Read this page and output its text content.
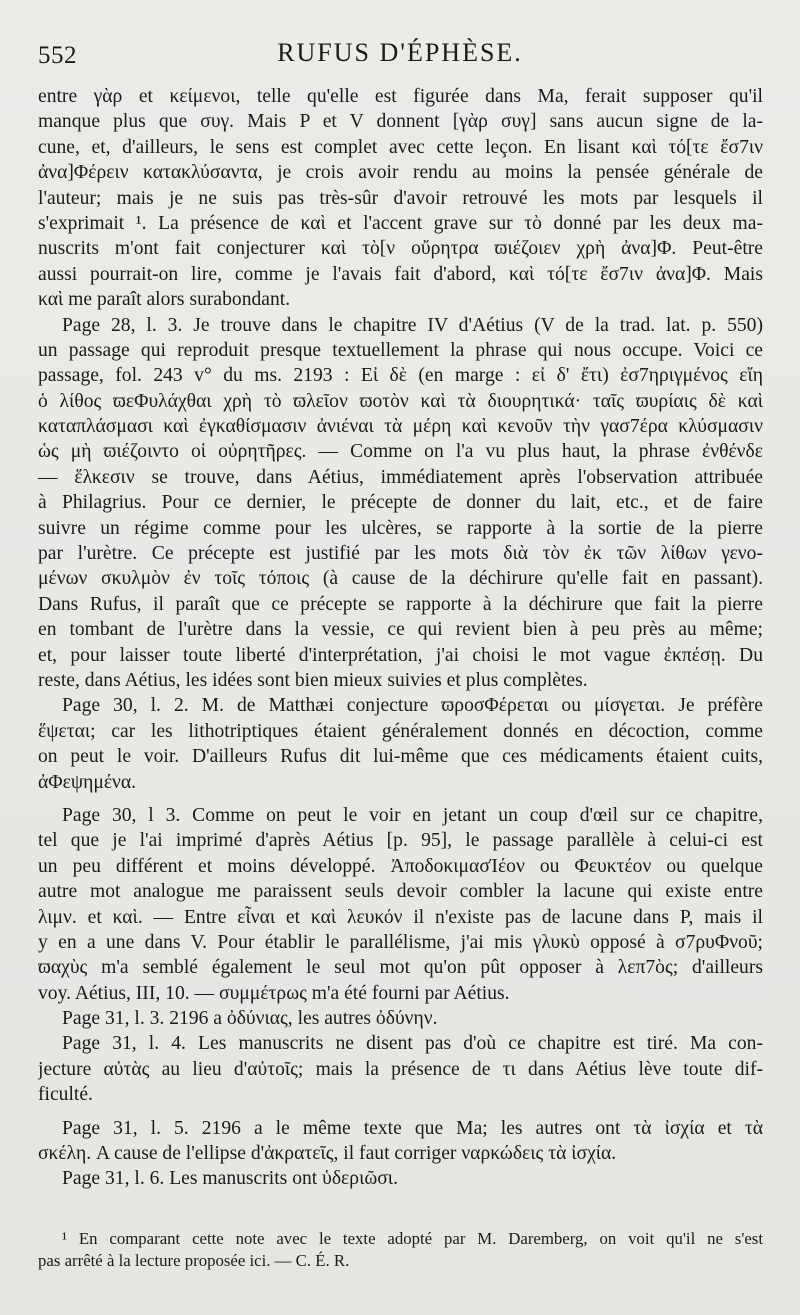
552	RUFUS D'ÉPHÈSE.
entre γὰρ et κείμενοι, telle qu'elle est figurée dans Ma, ferait supposer qu'il
manque plus que συγ. Mais P et V donnent [γὰρ συγ] sans aucun signe de la-
cune, et, d'ailleurs, le sens est complet avec cette leçon. En lisant καὶ τό[τε ἔσ7ιν
ἀνα]Φέρειν κατακλύσαντα, je crois avoir rendu au moins la pensée générale de
l'auteur; mais je ne suis pas très-sûr d'avoir retrouvé les mots par lesquels il
s'exprimait ¹. La présence de καὶ et l'accent grave sur τὸ donné par les deux ma-
nuscrits m'ont fait conjecturer καὶ τὸ[ν οὔρητρα ϖιέζοιεν χρὴ ἀνα]Φ. Peut-être
aussi pourrait-on lire, comme je l'avais fait d'abord, καὶ τό[τε ἔσ7ιν ἀνα]Φ. Mais
καὶ me paraît alors surabondant.
Page 28, l. 3. Je trouve dans le chapitre IV d'Aétius (V de la trad. lat. p. 550)
un passage qui reproduit presque textuellement la phrase qui nous occupe. Voici ce
passage, fol. 243 v° du ms. 2193 : Εἰ δὲ (en marge : εἰ δ' ἔτι) ἐσ7ηριγμένος εἴη
ὁ λίθος ϖεΦυλάχθαι χρὴ τὸ ϖλεῖον ϖοτὸν καὶ τὰ διουρητικά· ταῖς ϖυρίαις δὲ καὶ
καταπλάσμασι καὶ ἐγκαθίσμασιν ἀνιέναι τὰ μέρη καὶ κενοῦν τὴν γασ7έρα κλύσμασιν
ὡς μὴ ϖιέζοιντο οἱ οὐρητῆρες. — Comme on l'a vu plus haut, la phrase ἐνθένδε
— ἕλκεσιν se trouve, dans Aétius, immédiatement après l'observation attribuée
à Philagrius. Pour ce dernier, le précepte de donner du lait, etc., et de faire
suivre un régime comme pour les ulcères, se rapporte à la sortie de la pierre
par l'urètre. Ce précepte est justifié par les mots διὰ τὸν ἐκ τῶν λίθων γενο-
μένων σκυλμὸν ἐν τοῖς τόποις (à cause de la déchirure qu'elle fait en passant).
Dans Rufus, il paraît que ce précepte se rapporte à la déchirure que fait la pierre
en tombant de l'urètre dans la vessie, ce qui revient bien à peu près au même;
et, pour laisser toute liberté d'interprétation, j'ai choisi le mot vague ἐκπέσῃ. Du
reste, dans Aétius, les idées sont bien mieux suivies et plus complètes.
Page 30, l. 2. M. de Matthæi conjecture ϖροσΦέρεται ou μίσγεται. Je préfère
ἕψεται; car les lithotriptiques étaient généralement donnés en décoction, comme
on peut le voir. D'ailleurs Rufus dit lui-même que ces médicaments étaient cuits,
ἀΦεψημένα.
Page 30, l 3. Comme on peut le voir en jetant un coup d'œil sur ce chapitre,
tel que je l'ai imprimé d'après Aétius [p. 95], le passage parallèle à celui-ci est
un peu différent et moins développé. ἈποδοκιμασΊέον ou Φευκτέον ou quelque
autre mot analogue me paraissent seuls devoir combler la lacune qui existe entre
λιμν. et καὶ. — Entre εἶναι et καὶ λευκόν il n'existe pas de lacune dans P, mais il
y en a une dans V. Pour établir le parallélisme, j'ai mis γλυκὺ opposé à σ7ρυΦνοῦ;
ϖαχὺς m'a semblé également le seul mot qu'on pût opposer à λεπ7ὸς; d'ailleurs
voy. Aétius, III, 10. — συμμέτρως m'a été fourni par Aétius.
Page 31, l. 3. 2196 a ὀδύνιας, les autres ὀδύνην.
Page 31, l. 4. Les manuscrits ne disent pas d'où ce chapitre est tiré. Ma con-
jecture αὐτὰς au lieu d'αὐτοῖς; mais la présence de τι dans Aétius lève toute dif-
ficulté.
Page 31, l. 5. 2196 a le même texte que Ma; les autres ont τὰ ἰσχία et τὰ
σκέλη. A cause de l'ellipse d'ἀκρατεῖς, il faut corriger ναρκώδεις τὰ ἰσχία.
Page 31, l. 6. Les manuscrits ont ὑδεριῶσι.
¹ En comparant cette note avec le texte adopté par M. Daremberg, on voit qu'il ne s'est
pas arrêté à la lecture proposée ici. — C. É. R.
